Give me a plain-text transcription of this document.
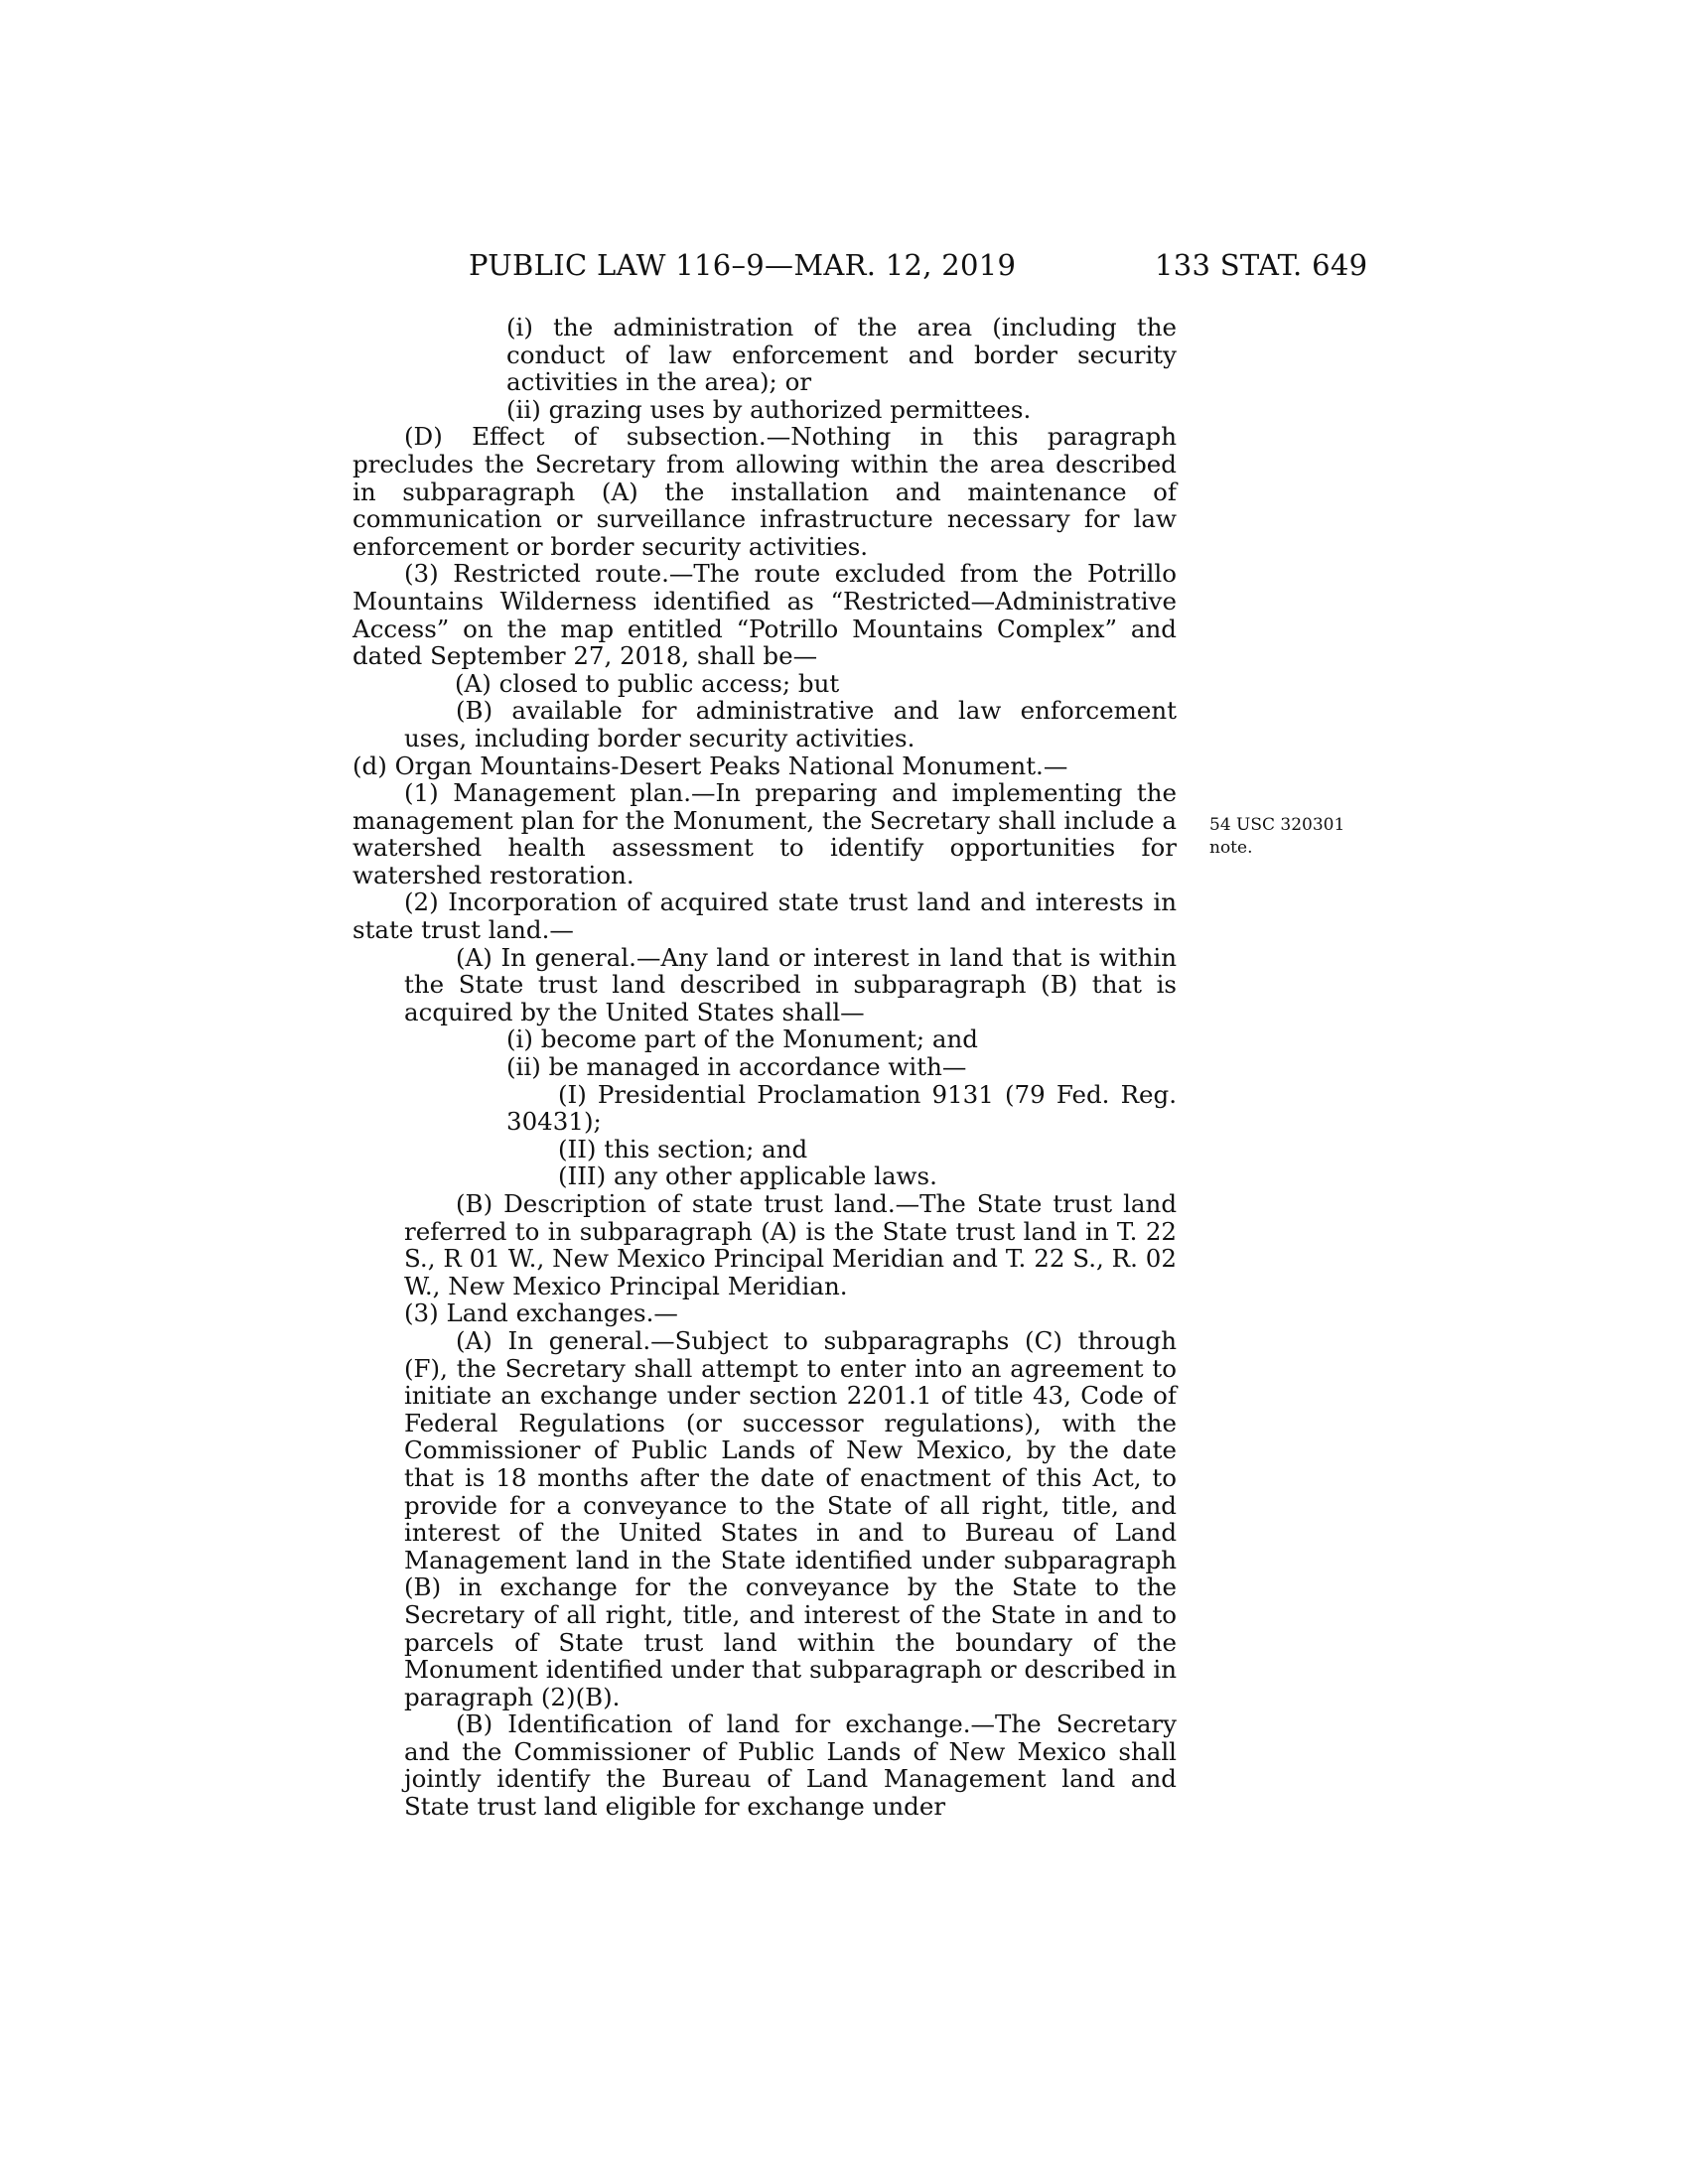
PUBLIC LAW 116–9—MAR. 12, 2019	133 STAT. 649
54 USC 320301
note.

(i) the administration of the area (including the conduct of law enforcement and border security activities in the area); or

(ii) grazing uses by authorized permittees.

(D) Effect of subsection.—Nothing in this paragraph precludes the Secretary from allowing within the area described in subparagraph (A) the installation and maintenance of communication or surveillance infrastructure necessary for law enforcement or border security activities.

(3) Restricted route.—The route excluded from the Potrillo Mountains Wilderness identified as “Restricted—Administrative Access” on the map entitled “Potrillo Mountains Complex” and dated September 27, 2018, shall be—

(A) closed to public access; but

(B) available for administrative and law enforcement uses, including border security activities.

(d) Organ Mountains-Desert Peaks National Monument.—

(1) Management plan.—In preparing and implementing the management plan for the Monument, the Secretary shall include a watershed health assessment to identify opportunities for watershed restoration.

(2) Incorporation of acquired state trust land and interests in state trust land.—

(A) In general.—Any land or interest in land that is within the State trust land described in subparagraph (B) that is acquired by the United States shall—

(i) become part of the Monument; and

(ii) be managed in accordance with—

(I) Presidential Proclamation 9131 (79 Fed. Reg. 30431);

(II) this section; and

(III) any other applicable laws.

(B) Description of state trust land.—The State trust land referred to in subparagraph (A) is the State trust land in T. 22 S., R 01 W., New Mexico Principal Meridian and T. 22 S., R. 02 W., New Mexico Principal Meridian.

(3) Land exchanges.—

(A) In general.—Subject to subparagraphs (C) through (F), the Secretary shall attempt to enter into an agreement to initiate an exchange under section 2201.1 of title 43, Code of Federal Regulations (or successor regulations), with the Commissioner of Public Lands of New Mexico, by the date that is 18 months after the date of enactment of this Act, to provide for a conveyance to the State of all right, title, and interest of the United States in and to Bureau of Land Management land in the State identified under subparagraph (B) in exchange for the conveyance by the State to the Secretary of all right, title, and interest of the State in and to parcels of State trust land within the boundary of the Monument identified under that subparagraph or described in paragraph (2)(B).

(B) Identification of land for exchange.—The Secretary and the Commissioner of Public Lands of New Mexico shall jointly identify the Bureau of Land Management land and State trust land eligible for exchange under
